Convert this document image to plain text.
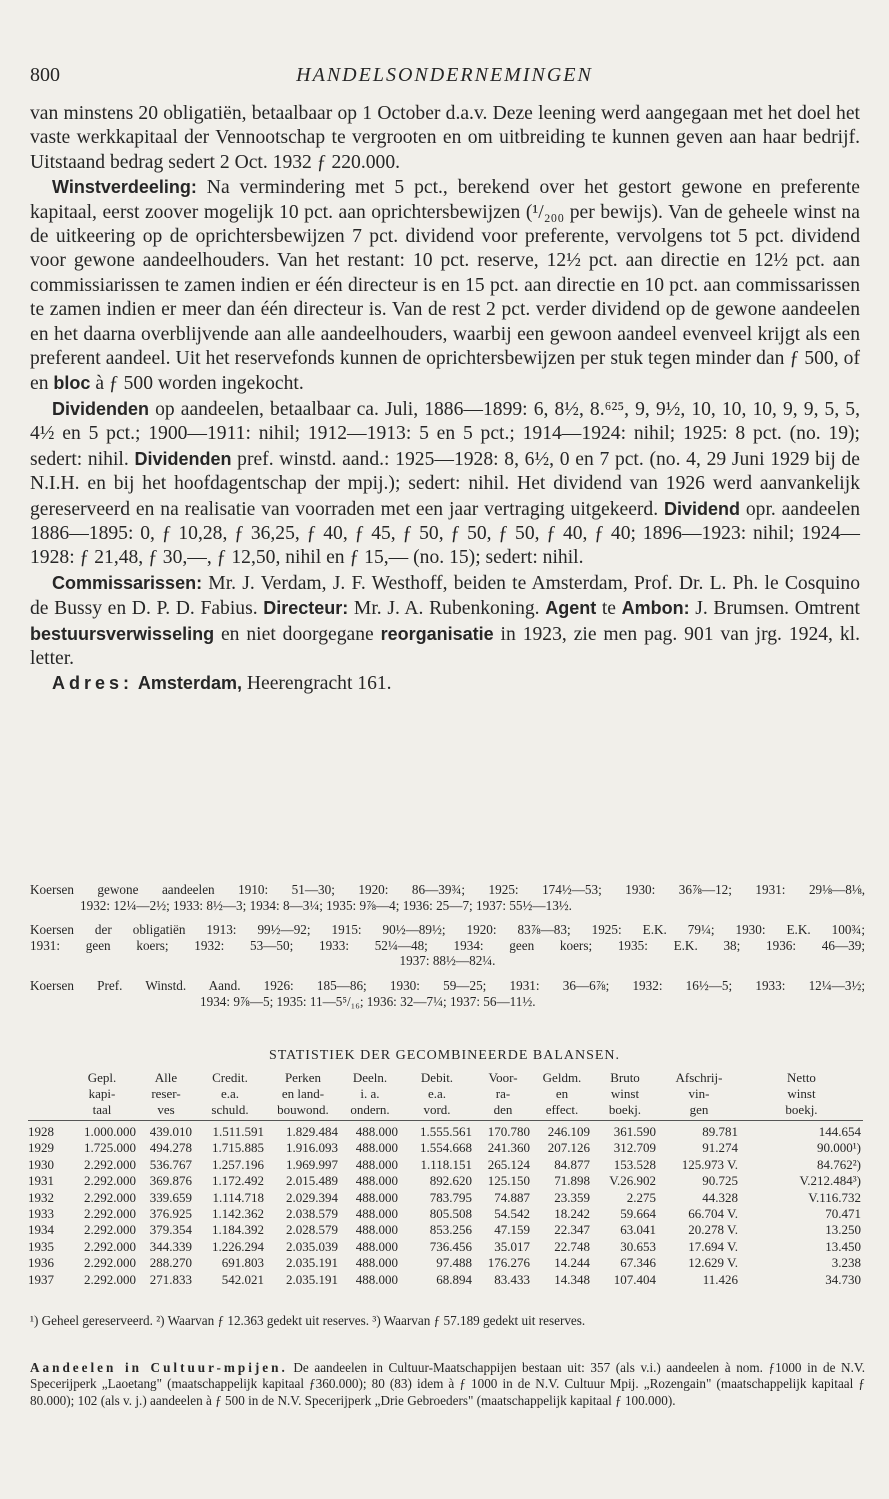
800	HANDELSONDERNEMINGEN

van minstens 20 obligatiën, betaalbaar op 1 October d.a.v. Deze leening werd aangegaan met het doel het vaste werkkapitaal der Vennootschap te vergrooten en om uitbreiding te kunnen geven aan haar bedrijf. Uitstaand bedrag sedert 2 Oct. 1932 ƒ 220.000.

Winstverdeeling: Na vermindering met 5 pct., berekend over het gestort gewone en preferente kapitaal, eerst zoover mogelijk 10 pct. aan oprichtersbewijzen (¹/₂₀₀ per bewijs). Van de geheele winst na de uitkeering op de oprichtersbewijzen 7 pct. dividend voor preferente, vervolgens tot 5 pct. dividend voor gewone aandeelhouders. Van het restant: 10 pct. reserve, 12½ pct. aan directie en 12½ pct. aan commissiarissen te zamen indien er één directeur is en 15 pct. aan directie en 10 pct. aan commissarissen te zamen indien er meer dan één directeur is. Van de rest 2 pct. verder dividend op de gewone aandeelen en het daarna overblijvende aan alle aandeelhouders, waarbij een gewoon aandeel evenveel krijgt als een preferent aandeel. Uit het reservefonds kunnen de oprichtersbewijzen per stuk tegen minder dan ƒ 500, of en bloc à ƒ 500 worden ingekocht.

Dividenden op aandeelen, betaalbaar ca. Juli, 1886—1899: 6, 8½, 8.⁶²⁵, 9, 9½, 10, 10, 10, 9, 9, 5, 5, 4½ en 5 pct.; 1900—1911: nihil; 1912—1913: 5 en 5 pct.; 1914—1924: nihil; 1925: 8 pct. (no. 19); sedert: nihil. Dividenden pref. winstd. aand.: 1925—1928: 8, 6½, 0 en 7 pct. (no. 4, 29 Juni 1929 bij de N.I.H. en bij het hoofdagentschap der mpij.); sedert: nihil. Het dividend van 1926 werd aanvankelijk gereserveerd en na realisatie van voorraden met een jaar vertraging uitgekeerd. Dividend opr. aandeelen 1886—1895: 0, ƒ 10,28, ƒ 36,25, ƒ 40, ƒ 45, ƒ 50, ƒ 50, ƒ 50, ƒ 40, ƒ 40; 1896—1923: nihil; 1924—1928: ƒ 21,48, ƒ 30,—, ƒ 12,50, nihil en ƒ 15,— (no. 15); sedert: nihil.

Commissarissen: Mr. J. Verdam, J. F. Westhoff, beiden te Amsterdam, Prof. Dr. L. Ph. le Cosquino de Bussy en D. P. D. Fabius. Directeur: Mr. J. A. Rubenkoning. Agent te Ambon: J. Brumsen. Omtrent bestuursverwisseling en niet doorgegane reorganisatie in 1923, zie men pag. 901 van jrg. 1924, kl. letter.

Adres: Amsterdam, Heerengracht 161.

Koersen gewone aandeelen 1910: 51—30; 1920: 86—39¾; 1925: 174½—53; 1930: 36⅞—12; 1931: 29⅛—8⅛,
1932: 12¼—2½; 1933: 8½—3; 1934: 8—3¼; 1935: 9⅞—4; 1936: 25—7; 1937: 55½—13½.
Koersen der obligatiën 1913: 99½—92; 1915: 90½—89½; 1920: 83⅞—83; 1925: E.K. 79¼; 1930: E.K. 100¾;
1931: geen koers; 1932: 53—50; 1933: 52¼—48; 1934: geen koers; 1935: E.K. 38; 1936: 46—39;
1937: 88½—82¼.
Koersen Pref. Winstd. Aand. 1926: 185—86; 1930: 59—25; 1931: 36—6⅞; 1932: 16½—5; 1933: 12¼—3½;
1934: 9⅞—5; 1935: 11—5⁵/₁₆; 1936: 32—7¼; 1937: 56—11½.
STATISTIEK DER GECOMBINEERDE BALANSEN.
	Gepl.	Alle	Credit.	Perken	Deeln.	Debit.	Voor-	Geldm.	Bruto	Afschrij-	Netto
	kapi-	reser-	e.a.	en land-	i. a.	e.a.	ra-	en	winst	vin-	winst
	taal	ves	schuld.	bouwond.	ondern.	vord.	den	effect.	boekj.	gen	boekj.
1928	1.000.000	439.010	1.511.591	1.829.484	488.000	1.555.561	170.780	246.109	361.590	89.781	144.654
1929	1.725.000	494.278	1.715.885	1.916.093	488.000	1.554.668	241.360	207.126	312.709	91.274	90.000¹)
1930	2.292.000	536.767	1.257.196	1.969.997	488.000	1.118.151	265.124	84.877	153.528	125.973 V.	84.762²)
1931	2.292.000	369.876	1.172.492	2.015.489	488.000	892.620	125.150	71.898	V.26.902	90.725	V.212.484³)
1932	2.292.000	339.659	1.114.718	2.029.394	488.000	783.795	74.887	23.359	2.275	44.328	V.116.732
1933	2.292.000	376.925	1.142.362	2.038.579	488.000	805.508	54.542	18.242	59.664	66.704 V.	70.471
1934	2.292.000	379.354	1.184.392	2.028.579	488.000	853.256	47.159	22.347	63.041	20.278 V.	13.250
1935	2.292.000	344.339	1.226.294	2.035.039	488.000	736.456	35.017	22.748	30.653	17.694 V.	13.450
1936	2.292.000	288.270	691.803	2.035.191	488.000	97.488	176.276	14.244	67.346	12.629 V.	3.238
1937	2.292.000	271.833	542.021	2.035.191	488.000	68.894	83.433	14.348	107.404	11.426	34.730
¹) Geheel gereserveerd. ²) Waarvan ƒ 12.363 gedekt uit reserves. ³) Waarvan ƒ 57.189 gedekt uit reserves.
Aandeelen in Cultuur-mpijen. De aandeelen in Cultuur-Maatschappijen bestaan uit: 357 (als v.i.) aandeelen à nom. ƒ1000 in de N.V. Specerijperk „Laoetang" (maatschappelijk kapitaal ƒ360.000); 80 (83) idem à ƒ 1000 in de N.V. Cultuur Mpij. „Rozengain" (maatschappelijk kapitaal ƒ 80.000); 102 (als v. j.) aandeelen à ƒ 500 in de N.V. Specerijperk „Drie Gebroeders" (maatschappelijk kapitaal ƒ 100.000).
